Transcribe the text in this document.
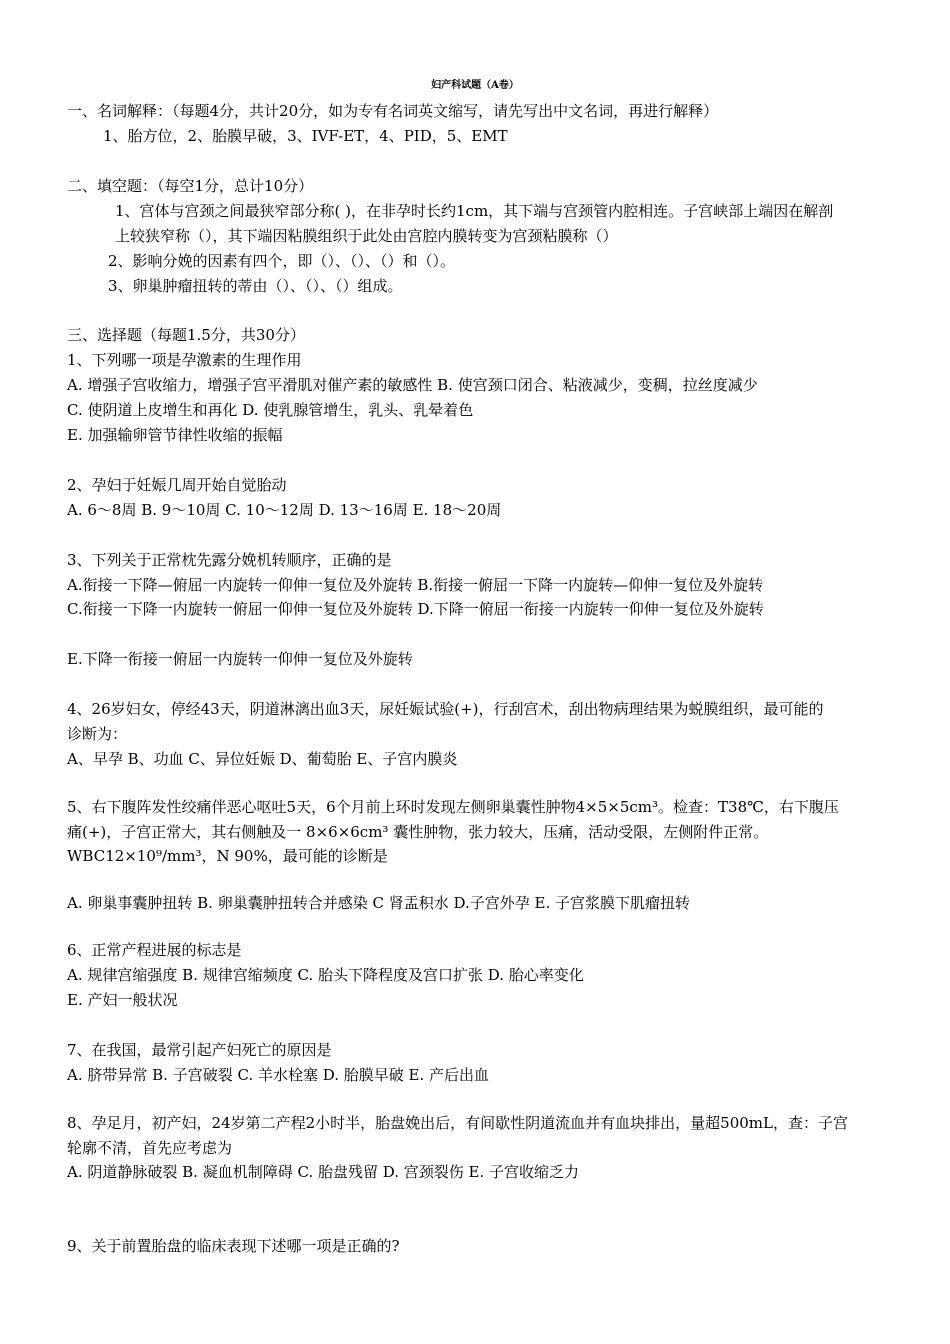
妇产科试题（A卷）
一、名词解释：（每题4分，共计20分，如为专有名词英文缩写，请先写出中文名词，再进行解释）
1、胎方位，2、胎膜早破，3、IVF-ET，4、PID，5、EMT
二、填空题：（每空1分，总计10分）
1、宫体与宫颈之间最狭窄部分称( )，在非孕时长约1cm，其下端与宫颈管内腔相连。子宫峡部上端因在解剖
上较狭窄称（），其下端因粘膜组织于此处由宫腔内膜转变为宫颈粘膜称（）
2、影响分娩的因素有四个，即（）、（）、（）和（）。
3、卵巢肿瘤扭转的蒂由（）、（）、（）组成。
三、选择题（每题1.5分，共30分）
1、下列哪一项是孕激素的生理作用
A. 增强子宫收缩力，增强子宫平滑肌对催产素的敏感性 B. 使宫颈口闭合、粘液减少，变稠，拉丝度减少
C. 使阴道上皮增生和再化 D. 使乳腺管增生，乳头、乳晕着色
E. 加强输卵管节律性收缩的振幅
2、孕妇于妊娠几周开始自觉胎动
A. 6～8周 B. 9～10周 C. 10～12周 D. 13～16周 E. 18～20周
3、下列关于正常枕先露分娩机转顺序，正确的是
A.衔接一下降—俯屈一内旋转一仰伸一复位及外旋转 B.衔接一俯屈一下降一内旋转—仰伸一复位及外旋转
C.衔接一下降一内旋转一俯屈一仰伸一复位及外旋转 D.下降一俯屈一衔接一内旋转一仰伸一复位及外旋转
E.下降一衔接一俯屈一内旋转一仰伸一复位及外旋转
4、26岁妇女，停经43天，阴道淋漓出血3天，尿妊娠试验(+)，行刮宫术，刮出物病理结果为蜕膜组织，最可能的
诊断为：
A、早孕 B、功血 C、异位妊娠 D、葡萄胎 E、子宫内膜炎
5、右下腹阵发性绞痛伴恶心呕吐5天，6个月前上环时发现左侧卵巢囊性肿物4×5×5cm³。检查：T38℃，右下腹压
痛(+)，子宫正常大，其右侧触及一 8×6×6cm³ 囊性肿物，张力较大，压痛，活动受限，左侧附件正常。
WBC12×10⁹/mm³，N 90%，最可能的诊断是
A. 卵巢事囊肿扭转 B. 卵巢囊肿扭转合并感染 C 肾盂积水 D.子宫外孕 E. 子宫浆膜下肌瘤扭转
6、正常产程进展的标志是
A. 规律宫缩强度 B. 规律宫缩频度 C. 胎头下降程度及宫口扩张 D. 胎心率变化
E. 产妇一般状况
7、在我国，最常引起产妇死亡的原因是
A. 脐带异常 B. 子宫破裂 C. 羊水栓塞 D. 胎膜早破 E. 产后出血
8、孕足月，初产妇，24岁第二产程2小时半，胎盘娩出后，有间歇性阴道流血并有血块排出，量超500mL，查：子宫
轮廓不清，首先应考虑为
A. 阴道静脉破裂 B. 凝血机制障碍 C. 胎盘残留 D. 宫颈裂伤 E. 子宫收缩乏力
9、关于前置胎盘的临床表现下述哪一项是正确的?
